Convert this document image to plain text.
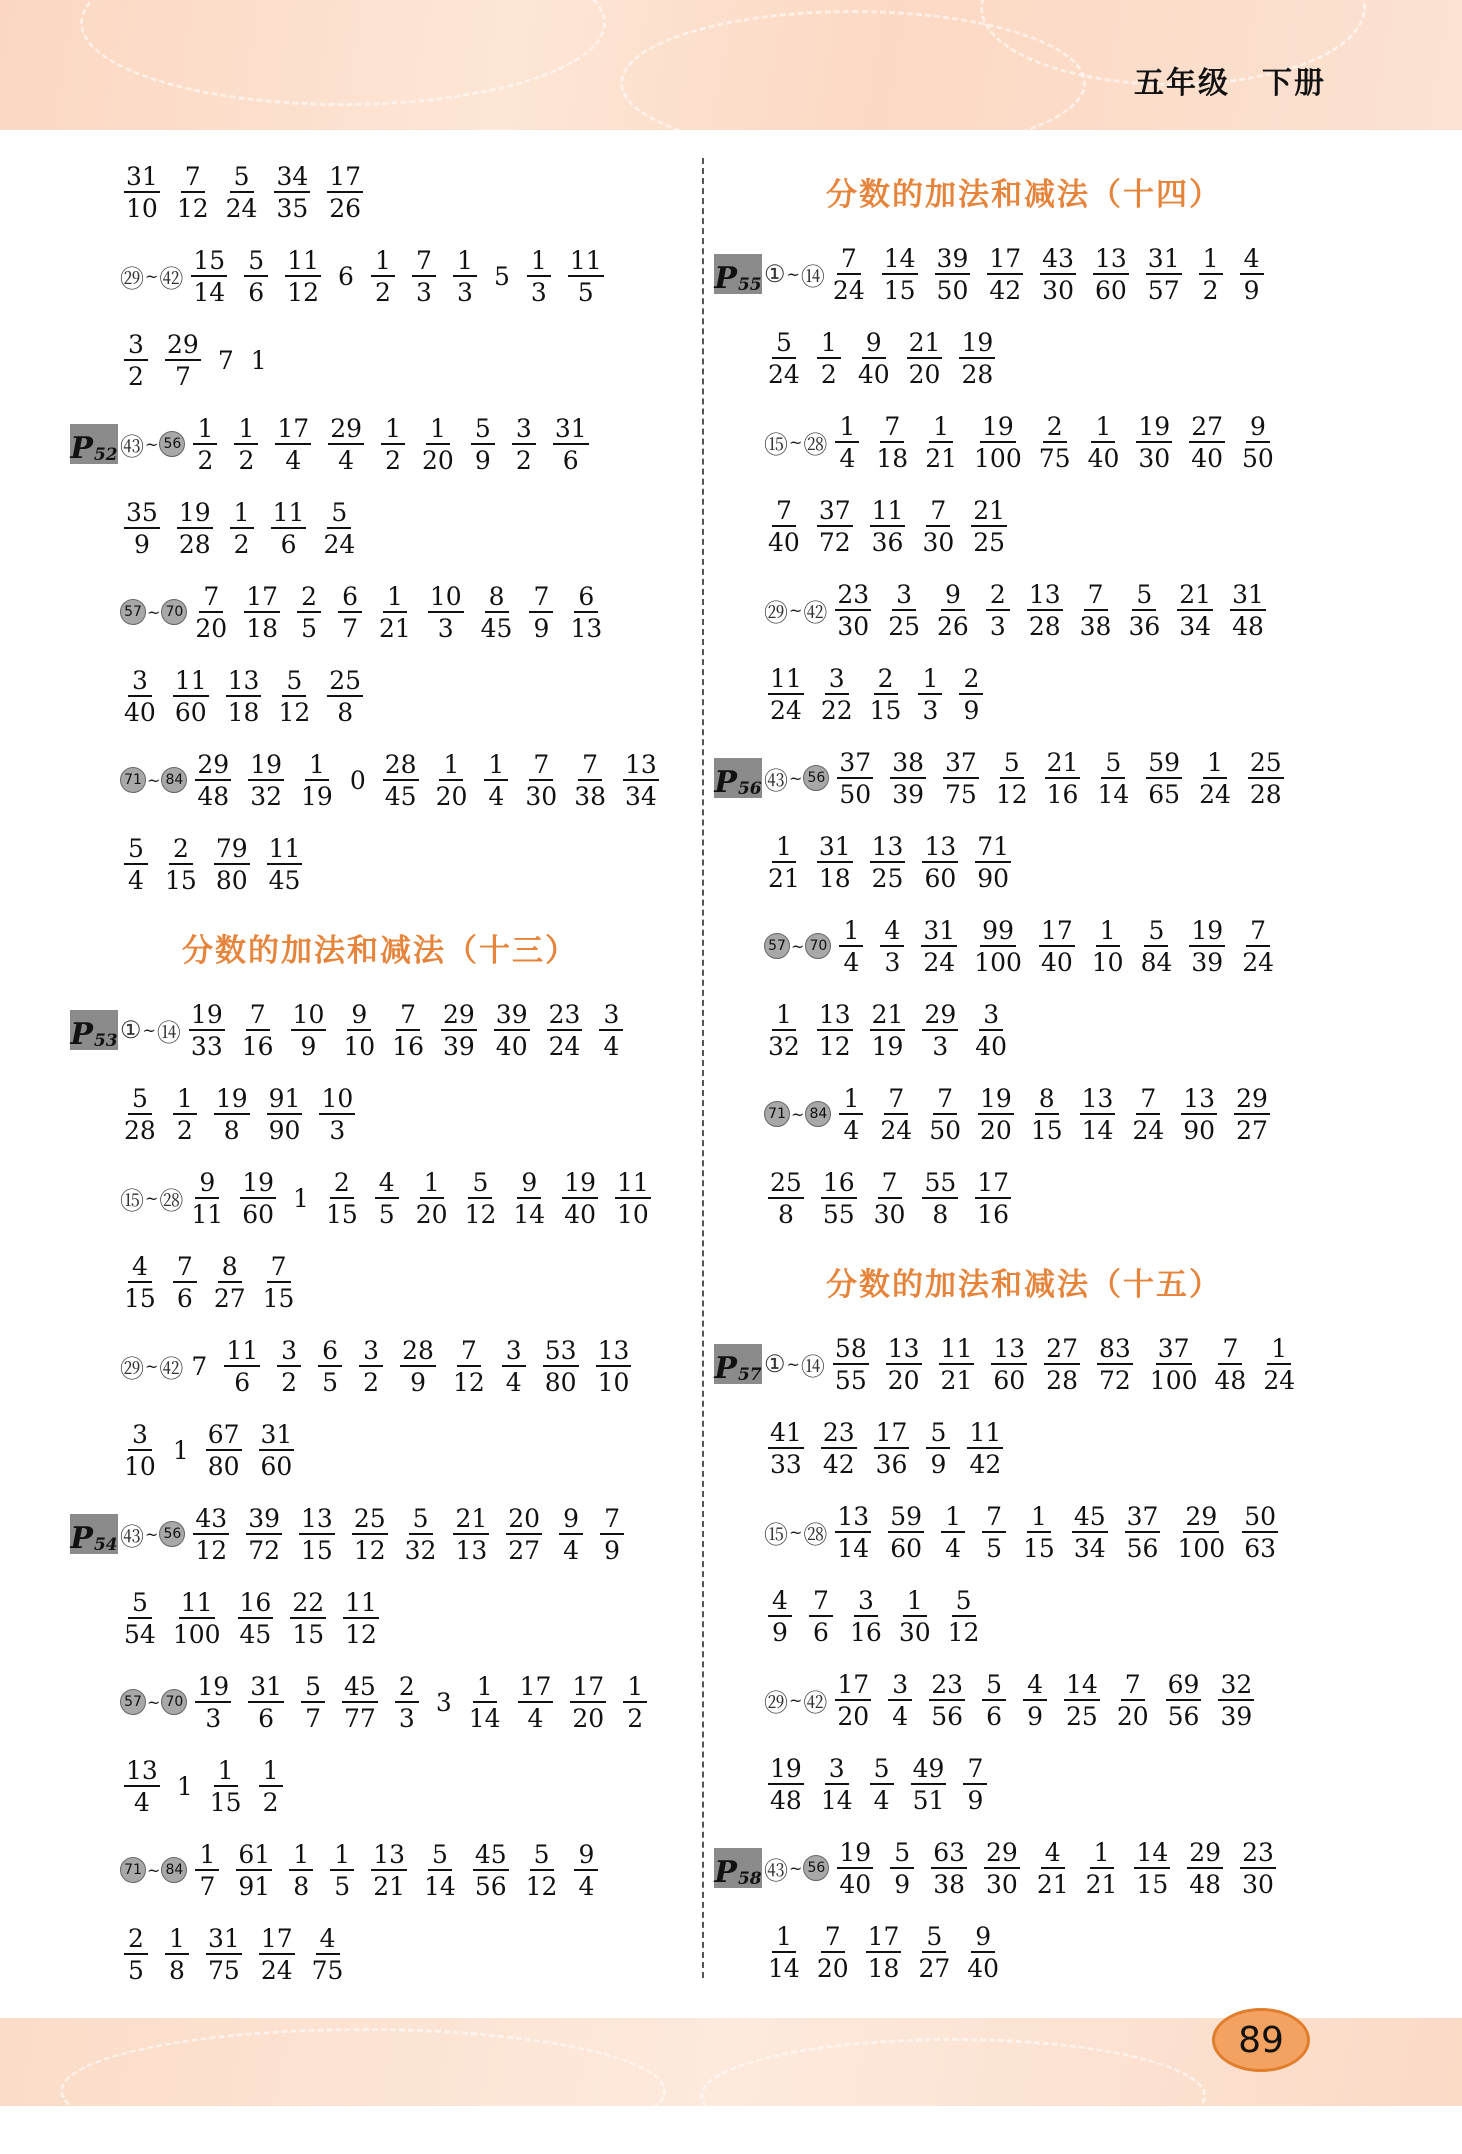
五年级　下册
$\frac{31}{10} \frac{7}{12} \frac{5}{24} \frac{34}{35} \frac{17}{26}$
㉙ ~ ㊷ $\frac{15}{14} \frac{5}{6} \frac{11}{12} 6 \frac{1}{2} \frac{7}{3} \frac{1}{3} 5 \frac{1}{3} \frac{11}{5}$
$\frac{3}{2} \frac{29}{7} 7$ 1
P 52 ㊸ ~ $56 \frac{1}{2} \frac{1}{2} \frac{17}{4} \frac{29}{4} \frac{1}{2} \frac{1}{20} \frac{5}{9} \frac{3}{2} \frac{31}{6}$
$\frac{35}{9} \frac{19}{28} \frac{1}{2} \frac{11}{6} \frac{5}{24}$
57 ~ $70 \frac{7}{20} \frac{17}{18} \frac{2}{5} \frac{6}{7} \frac{1}{21} \frac{10}{3} \frac{8}{45} \frac{7}{9} \frac{6}{13}$
$\frac{3}{40} \frac{11}{60} \frac{13}{18} \frac{5}{12} \frac{25}{8}$
71 ~ $84 \frac{29}{48} \frac{19}{32} \frac{1}{19} 0 \frac{28}{45} \frac{1}{20} \frac{1}{4} \frac{7}{30} \frac{7}{38} \frac{13}{34}$
$\frac{5}{4} \frac{2}{15} \frac{79}{80} \frac{11}{45}$
分数的加法和减法（十三）
P 53 ① ~ ⑭ $\frac{19}{33} \frac{7}{16} \frac{10}{9} \frac{9}{10} \frac{7}{16} \frac{29}{39} \frac{39}{40} \frac{23}{24} \frac{3}{4}$
$\frac{5}{28} \frac{1}{2} \frac{19}{8} \frac{91}{90} \frac{10}{3}$
⑮ ~ ㉘ $\frac{9}{11} \frac{19}{60} 1 \frac{2}{15} \frac{4}{5} \frac{1}{20} \frac{5}{12} \frac{9}{14} \frac{19}{40} \frac{11}{10}$
$\frac{4}{15} \frac{7}{6} \frac{8}{27} \frac{7}{15}$
㉙ ~ ㊷ $7 \frac{11}{6} \frac{3}{2} \frac{6}{5} \frac{3}{2} \frac{28}{9} \frac{7}{12} \frac{3}{4} \frac{53}{80} \frac{13}{10}$
$\frac{3}{10} 1 \frac{67}{80} \frac{31}{60}$
P 54 ㊸ ~ $56 \frac{43}{12} \frac{39}{72} \frac{13}{15} \frac{25}{12} \frac{5}{32} \frac{21}{13} \frac{20}{27} \frac{9}{4} \frac{7}{9}$
$\frac{5}{54} \frac{11}{100} \frac{16}{45} \frac{22}{15} \frac{11}{12}$
57 ~ $70 \frac{19}{3} \frac{31}{6} \frac{5}{7} \frac{45}{77} \frac{2}{3} 3 \frac{1}{14} \frac{17}{4} \frac{17}{20} \frac{1}{2}$
$\frac{13}{4} 1 \frac{1}{15} \frac{1}{2}$
71 ~ $84 \frac{1}{7} \frac{61}{91} \frac{1}{8} \frac{1}{5} \frac{13}{21} \frac{5}{14} \frac{45}{56} \frac{5}{12} \frac{9}{4}$
$\frac{2}{5} \frac{1}{8} \frac{31}{75} \frac{17}{24} \frac{4}{75}$
分数的加法和减法（十四）
P 55 ① ~ ⑭ $\frac{7}{24} \frac{14}{15} \frac{39}{50} \frac{17}{42} \frac{43}{30} \frac{13}{60} \frac{31}{57} \frac{1}{2} \frac{4}{9}$
$\frac{5}{24} \frac{1}{2} \frac{9}{40} \frac{21}{20} \frac{19}{28}$
⑮ ~ ㉘ $\frac{1}{4} \frac{7}{18} \frac{1}{21} \frac{19}{100} \frac{2}{75} \frac{1}{40} \frac{19}{30} \frac{27}{40} \frac{9}{50}$
$\frac{7}{40} \frac{37}{72} \frac{11}{36} \frac{7}{30} \frac{21}{25}$
㉙ ~ ㊷ $\frac{23}{30} \frac{3}{25} \frac{9}{26} \frac{2}{3} \frac{13}{28} \frac{7}{38} \frac{5}{36} \frac{21}{34} \frac{31}{48}$
$\frac{11}{24} \frac{3}{22} \frac{2}{15} \frac{1}{3} \frac{2}{9}$
P 56 ㊸ ~ $56 \frac{37}{50} \frac{38}{39} \frac{37}{75} \frac{5}{12} \frac{21}{16} \frac{5}{14} \frac{59}{65} \frac{1}{24} \frac{25}{28}$
$\frac{1}{21} \frac{31}{18} \frac{13}{25} \frac{13}{60} \frac{71}{90}$
57 ~ $70 \frac{1}{4} \frac{4}{3} \frac{31}{24} \frac{99}{100} \frac{17}{40} \frac{1}{10} \frac{5}{84} \frac{19}{39} \frac{7}{24}$
$\frac{1}{32} \frac{13}{12} \frac{21}{19} \frac{29}{3} \frac{3}{40}$
71 ~ $84 \frac{1}{4} \frac{7}{24} \frac{7}{50} \frac{19}{20} \frac{8}{15} \frac{13}{14} \frac{7}{24} \frac{13}{90} \frac{29}{27}$
$\frac{25}{8} \frac{16}{55} \frac{7}{30} \frac{55}{8} \frac{17}{16}$
分数的加法和减法（十五）
P 57 ① ~ ⑭ $\frac{58}{55} \frac{13}{20} \frac{11}{21} \frac{13}{60} \frac{27}{28} \frac{83}{72} \frac{37}{100} \frac{7}{48} \frac{1}{24}$
$\frac{41}{33} \frac{23}{42} \frac{17}{36} \frac{5}{9} \frac{11}{42}$
⑮ ~ ㉘ $\frac{13}{14} \frac{59}{60} \frac{1}{4} \frac{7}{5} \frac{1}{15} \frac{45}{34} \frac{37}{56} \frac{29}{100} \frac{50}{63}$
$\frac{4}{9} \frac{7}{6} \frac{3}{16} \frac{1}{30} \frac{5}{12}$
㉙ ~ ㊷ $\frac{17}{20} \frac{3}{4} \frac{23}{56} \frac{5}{6} \frac{4}{9} \frac{14}{25} \frac{7}{20} \frac{69}{56} \frac{32}{39}$
$\frac{19}{48} \frac{3}{14} \frac{5}{4} \frac{49}{51} \frac{7}{9}$
P 58 ㊸ ~ $56 \frac{19}{40} \frac{5}{9} \frac{63}{38} \frac{29}{30} \frac{4}{21} \frac{1}{21} \frac{14}{15} \frac{29}{48} \frac{23}{30}$
$\frac{1}{14} \frac{7}{20} \frac{17}{18} \frac{5}{27} \frac{9}{40}$
89
